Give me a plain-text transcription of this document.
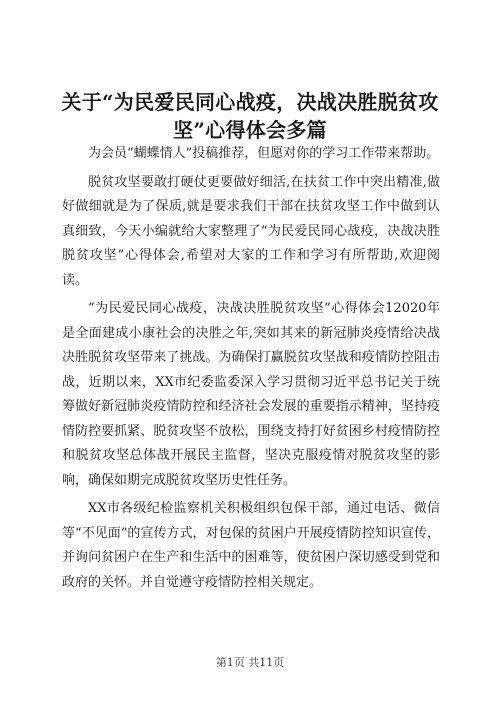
关于“为民爱民同心战疫，决战决胜脱贫攻坚”心得体会多篇

为会员“蝴蝶情人”投稿推荐，但愿对你的学习工作带来帮助。

脱贫攻坚要敢打硬仗更要做好细活,在扶贫工作中突出精准,做好做细就是为了保质,就是要求我们干部在扶贫攻坚工作中做到认真细致，今天小编就给大家整理了“为民爱民同心战疫，决战决胜脱贫攻坚”心得体会,希望对大家的工作和学习有所帮助,欢迎阅读。

“为民爱民同心战疫，决战决胜脱贫攻坚”心得体会12020年是全面建成小康社会的决胜之年,突如其来的新冠肺炎疫情给决战决胜脱贫攻坚带来了挑战。为确保打赢脱贫攻坚战和疫情防控阻击战，近期以来，XX市纪委监委深入学习贯彻习近平总书记关于统筹做好新冠肺炎疫情防控和经济社会发展的重要指示精神，坚持疫情防控要抓紧、脱贫攻坚不放松，围绕支持打好贫困乡村疫情防控和脱贫攻坚总体战开展民主监督，坚决克服疫情对脱贫攻坚的影响，确保如期完成脱贫攻坚历史性任务。

XX市各级纪检监察机关积极组织包保干部，通过电话、微信等“不见面”的宣传方式，对包保的贫困户开展疫情防控知识宣传，并询问贫困户在生产和生活中的困难等，使贫困户深切感受到党和政府的关怀。并自觉遵守疫情防控相关规定。

第1页 共11页
